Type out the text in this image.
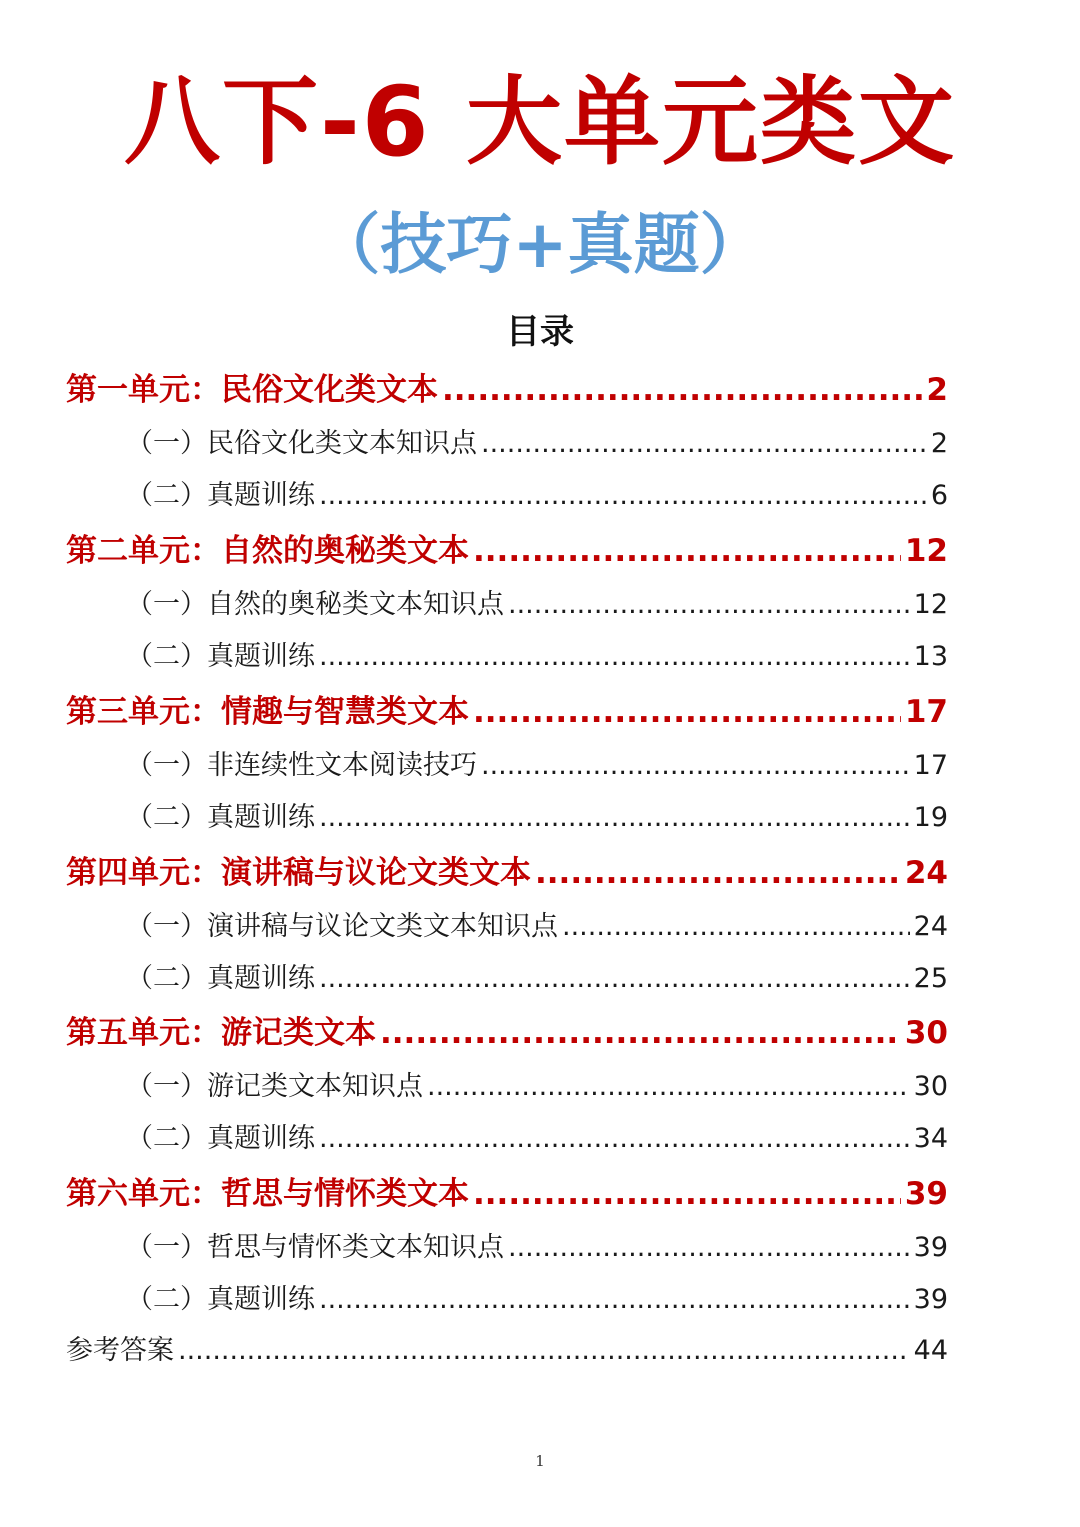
八下-6 大单元类文
（技巧+真题）
目录
第一单元：民俗文化类文本 .....	2
（一）民俗文化类文本知识点 .....	2
（二）真题训练 .....	6
第二单元：自然的奥秘类文本 .....	12
（一）自然的奥秘类文本知识点 .....	12
（二）真题训练 .....	13
第三单元：情趣与智慧类文本 .....	17
（一）非连续性文本阅读技巧 .....	17
（二）真题训练 .....	19
第四单元：演讲稿与议论文类文本 .....	24
（一）演讲稿与议论文类文本知识点 .....	24
（二）真题训练 .....	25
第五单元：游记类文本 .....	30
（一）游记类文本知识点 .....	30
（二）真题训练 .....	34
第六单元：哲思与情怀类文本 .....	39
（一）哲思与情怀类文本知识点 .....	39
（二）真题训练 .....	39
参考答案 .....	44
1
